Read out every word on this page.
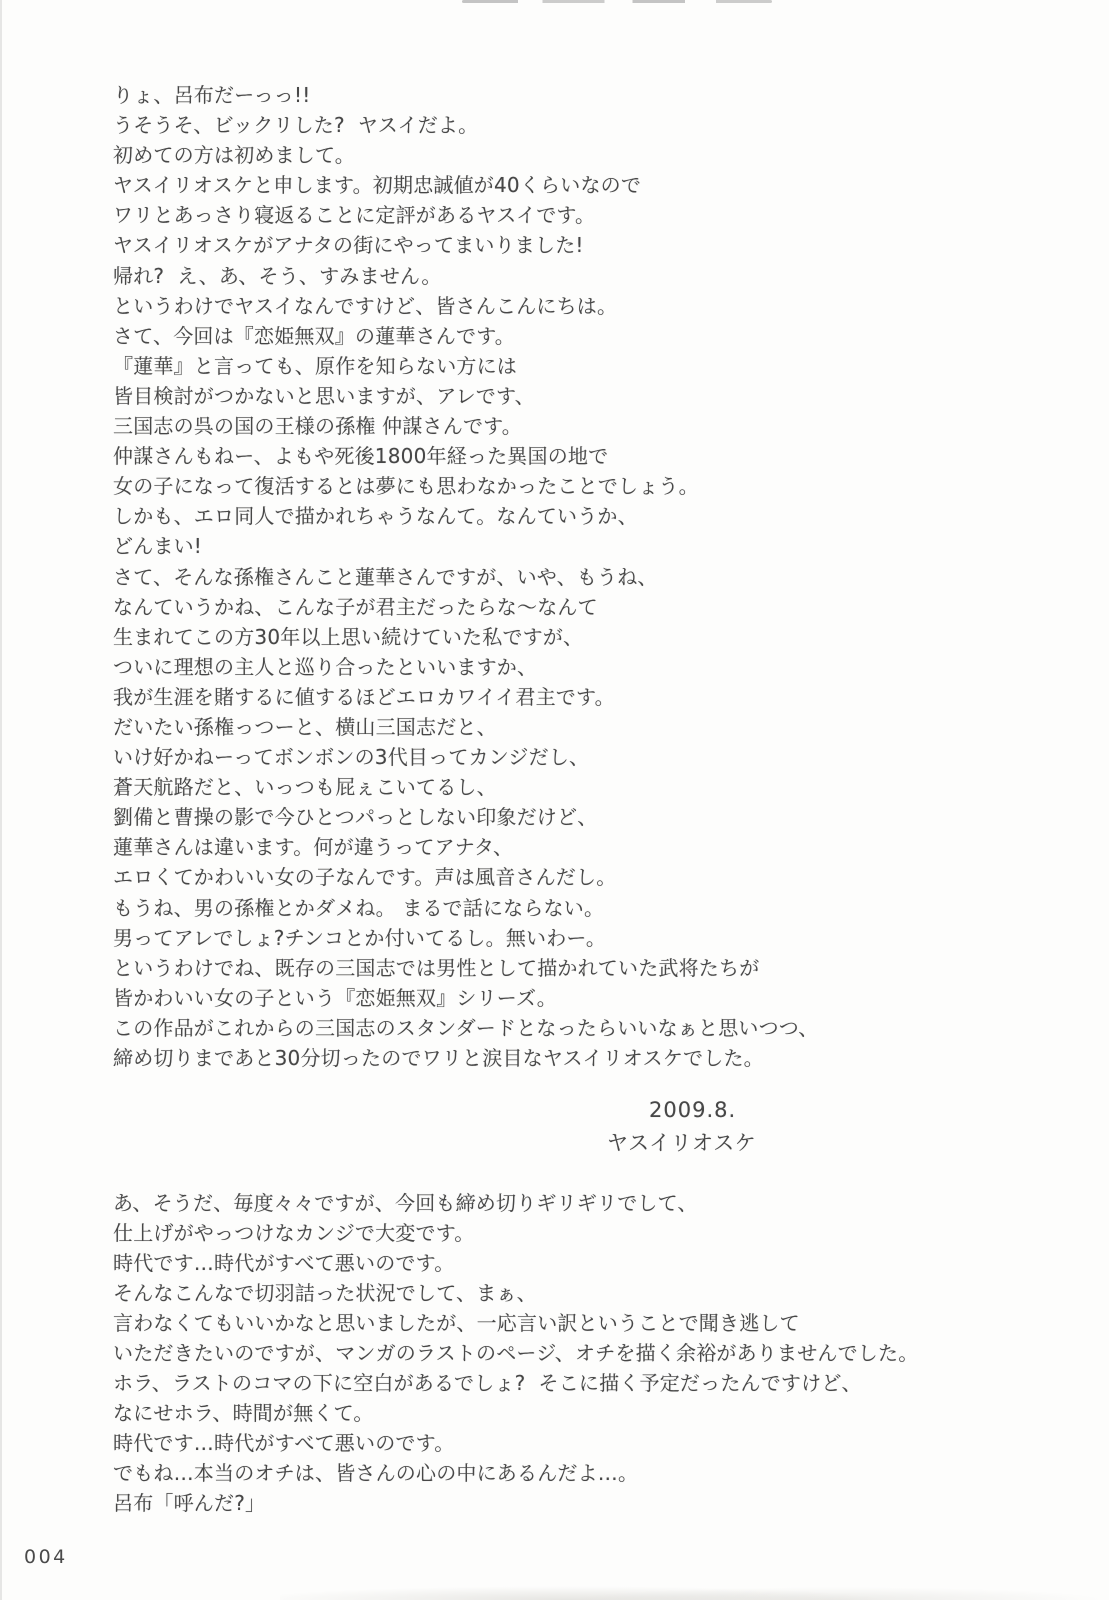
りょ、呂布だーっっ!!
うそうそ、ビックリした?  ヤスイだよ。
初めての方は初めまして。
ヤスイリオスケと申します。初期忠誠値が40くらいなので
ワリとあっさり寝返ることに定評があるヤスイです。
ヤスイリオスケがアナタの街にやってまいりました!
帰れ?  え、あ、そう、すみません。
というわけでヤスイなんですけど、皆さんこんにちは。
さて、今回は『恋姫無双』の蓮華さんです。
『蓮華』と言っても、原作を知らない方には
皆目検討がつかないと思いますが、アレです、
三国志の呉の国の王様の孫権 仲謀さんです。
仲謀さんもねー、よもや死後1800年経った異国の地で
女の子になって復活するとは夢にも思わなかったことでしょう。
しかも、エロ同人で描かれちゃうなんて。なんていうか、
どんまい!
さて、そんな孫権さんこと蓮華さんですが、いや、もうね、
なんていうかね、こんな子が君主だったらな～なんて
生まれてこの方30年以上思い続けていた私ですが、
ついに理想の主人と巡り合ったといいますか、
我が生涯を賭するに値するほどエロカワイイ君主です。
だいたい孫権っつーと、横山三国志だと、
いけ好かねーってボンボンの3代目ってカンジだし、
蒼天航路だと、いっつも屁ぇこいてるし、
劉備と曹操の影で今ひとつパっとしない印象だけど、
蓮華さんは違います。何が違うってアナタ、
エロくてかわいい女の子なんです。声は風音さんだし。
もうね、男の孫権とかダメね。 まるで話にならない。
男ってアレでしょ?チンコとか付いてるし。無いわー。
というわけでね、既存の三国志では男性として描かれていた武将たちが
皆かわいい女の子という『恋姫無双』シリーズ。
この作品がこれからの三国志のスタンダードとなったらいいなぁと思いつつ、
締め切りまであと30分切ったのでワリと涙目なヤスイリオスケでした。
2009.8.
ヤスイリオスケ
あ、そうだ、毎度々々ですが、今回も締め切りギリギリでして、
仕上げがやっつけなカンジで大変です。
時代です…時代がすべて悪いのです。
そんなこんなで切羽詰った状況でして、まぁ、
言わなくてもいいかなと思いましたが、一応言い訳ということで聞き逃して
いただきたいのですが、マンガのラストのページ、オチを描く余裕がありませんでした。
ホラ、ラストのコマの下に空白があるでしょ?  そこに描く予定だったんですけど、
なにせホラ、時間が無くて。
時代です…時代がすべて悪いのです。
でもね…本当のオチは、皆さんの心の中にあるんだよ…。
呂布「呼んだ?」
004
